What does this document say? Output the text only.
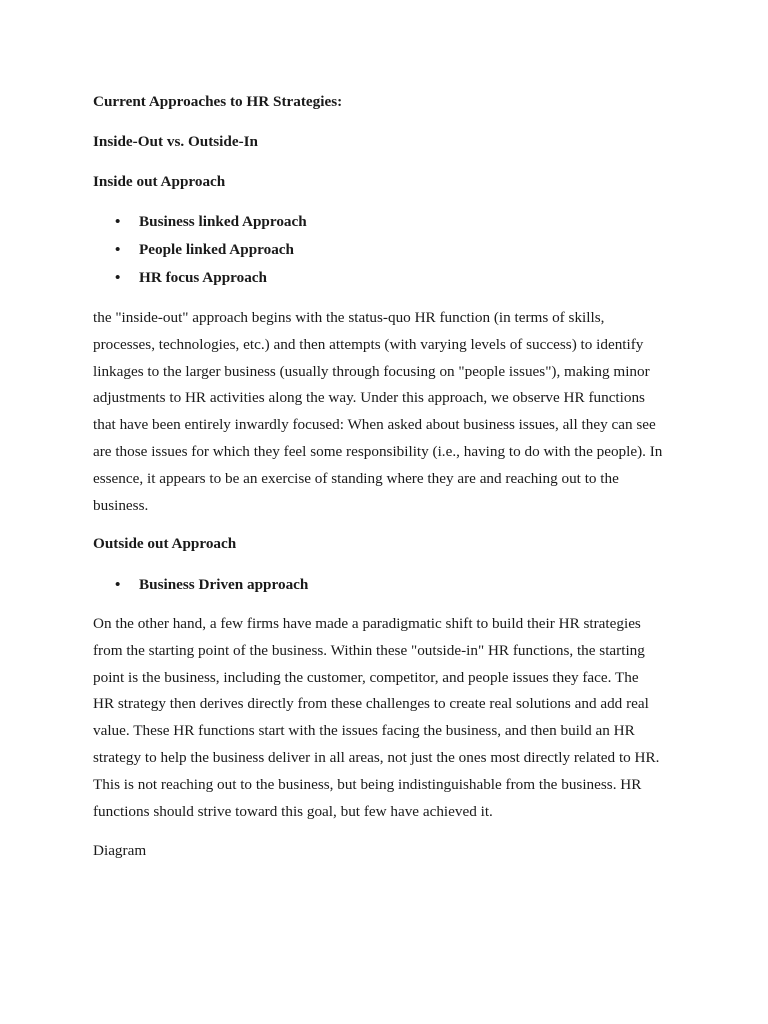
Current Approaches to HR Strategies:
Inside-Out vs. Outside-In
Inside out Approach
• Business linked Approach
• People linked Approach
• HR focus Approach
the "inside-out" approach begins with the status-quo HR function (in terms of skills,
processes, technologies, etc.) and then attempts (with varying levels of success) to identify
linkages to the larger business (usually through focusing on "people issues"), making minor
adjustments to HR activities along the way. Under this approach, we observe HR functions
that have been entirely inwardly focused: When asked about business issues, all they can see
are those issues for which they feel some responsibility (i.e., having to do with the people). In
essence, it appears to be an exercise of standing where they are and reaching out to the
business.
Outside out Approach
• Business Driven approach
On the other hand, a few firms have made a paradigmatic shift to build their HR strategies
from the starting point of the business. Within these "outside-in" HR functions, the starting
point is the business, including the customer, competitor, and people issues they face. The
HR strategy then derives directly from these challenges to create real solutions and add real
value. These HR functions start with the issues facing the business, and then build an HR
strategy to help the business deliver in all areas, not just the ones most directly related to HR.
This is not reaching out to the business, but being indistinguishable from the business. HR
functions should strive toward this goal, but few have achieved it.
Diagram
